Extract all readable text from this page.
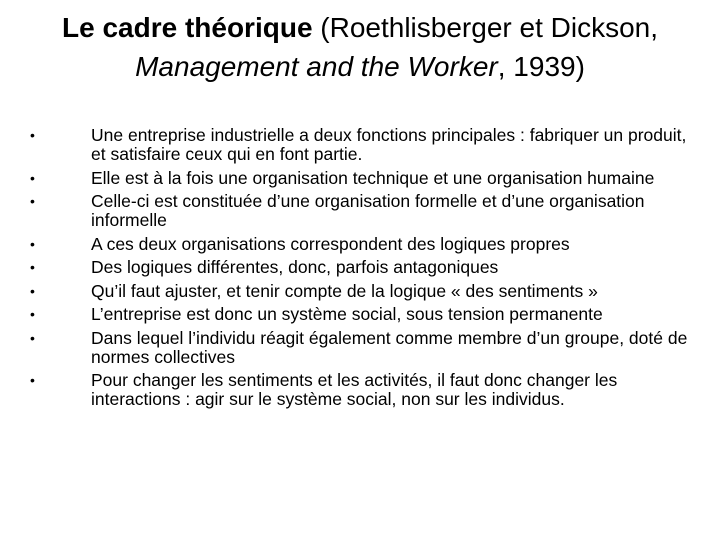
Le cadre théorique (Roethlisberger et Dickson, Management and the Worker, 1939)
•	Une entreprise industrielle a deux fonctions principales : fabriquer un produit, et satisfaire ceux qui en font partie.
•	Elle est à la fois une organisation technique et une organisation humaine
•	Celle-ci est constituée d’une organisation formelle et d’une organisation informelle
•	A ces deux organisations correspondent des logiques propres
•	Des logiques différentes, donc, parfois antagoniques
•	Qu’il faut ajuster, et tenir compte de la logique « des sentiments »
•	L’entreprise est donc un système social, sous tension permanente
•	Dans lequel l’individu réagit également comme membre d’un groupe, doté de normes collectives
•	Pour changer les sentiments et les activités, il faut donc changer les interactions : agir sur le système social, non sur les individus.
